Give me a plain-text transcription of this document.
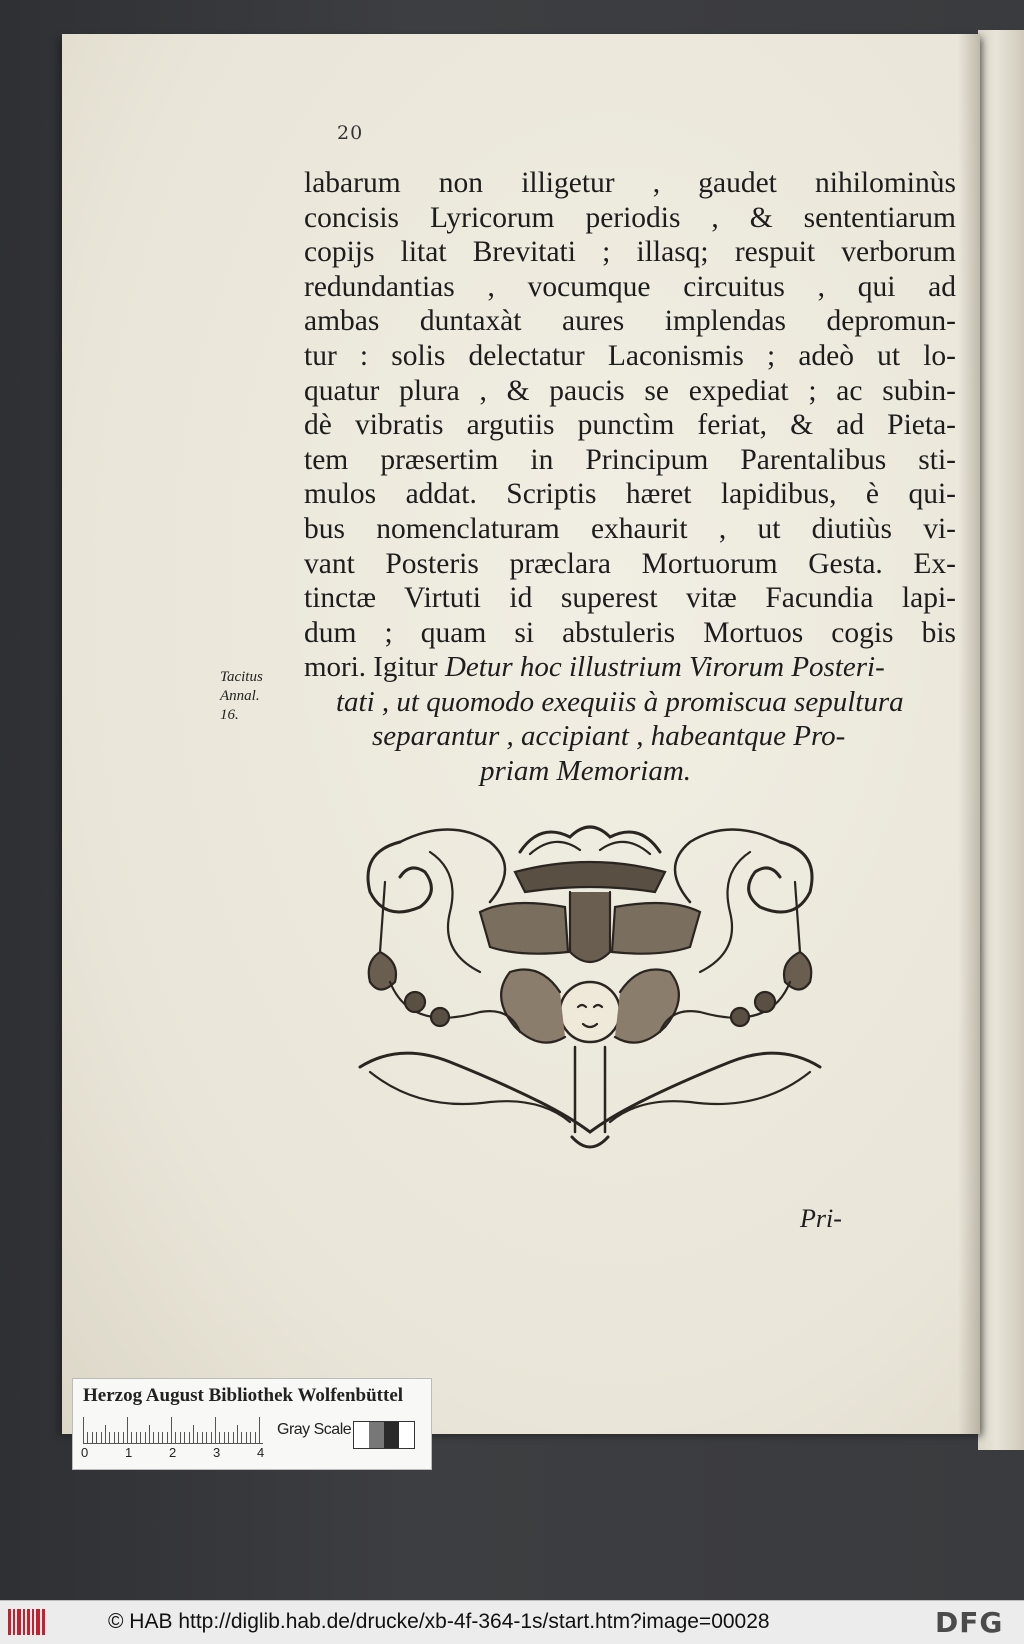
20
labarum non illigetur , gaudet nihilominùs
concisis Lyricorum periodis , & sententiarum
copijs litat Brevitati ; illasq; respuit verborum
redundantias , vocumque circuitus , qui ad
ambas duntaxàt aures implendas depromun-
tur : solis delectatur Laconismis ; adeò ut lo-
quatur plura , & paucis se expediat ; ac subin-
dè vibratis argutiis punctìm feriat, & ad Pieta-
tem præsertim in Principum Parentalibus sti-
mulos addat. Scriptis hæret lapidibus, è qui-
bus nomenclaturam exhaurit , ut diutiùs vi-
vant Posteris præclara Mortuorum Gesta. Ex-
tinctæ Virtuti id superest vitæ Facundia lapi-
dum ; quam si abstuleris Mortuos cogis bis
mori. Igitur Detur hoc illustrium Virorum Posteri-
tati , ut quomodo exequiis à promiscua sepultura
separantur , accipiant , habeantque Pro-
priam Memoriam.
Tacitus
Annal.
16.
Pri-
Herzog August Bibliothek Wolfenbüttel
0	1	2	3	4
Gray Scale
© HAB http://diglib.hab.de/drucke/xb-4f-364-1s/start.htm?image=00028	DFG
